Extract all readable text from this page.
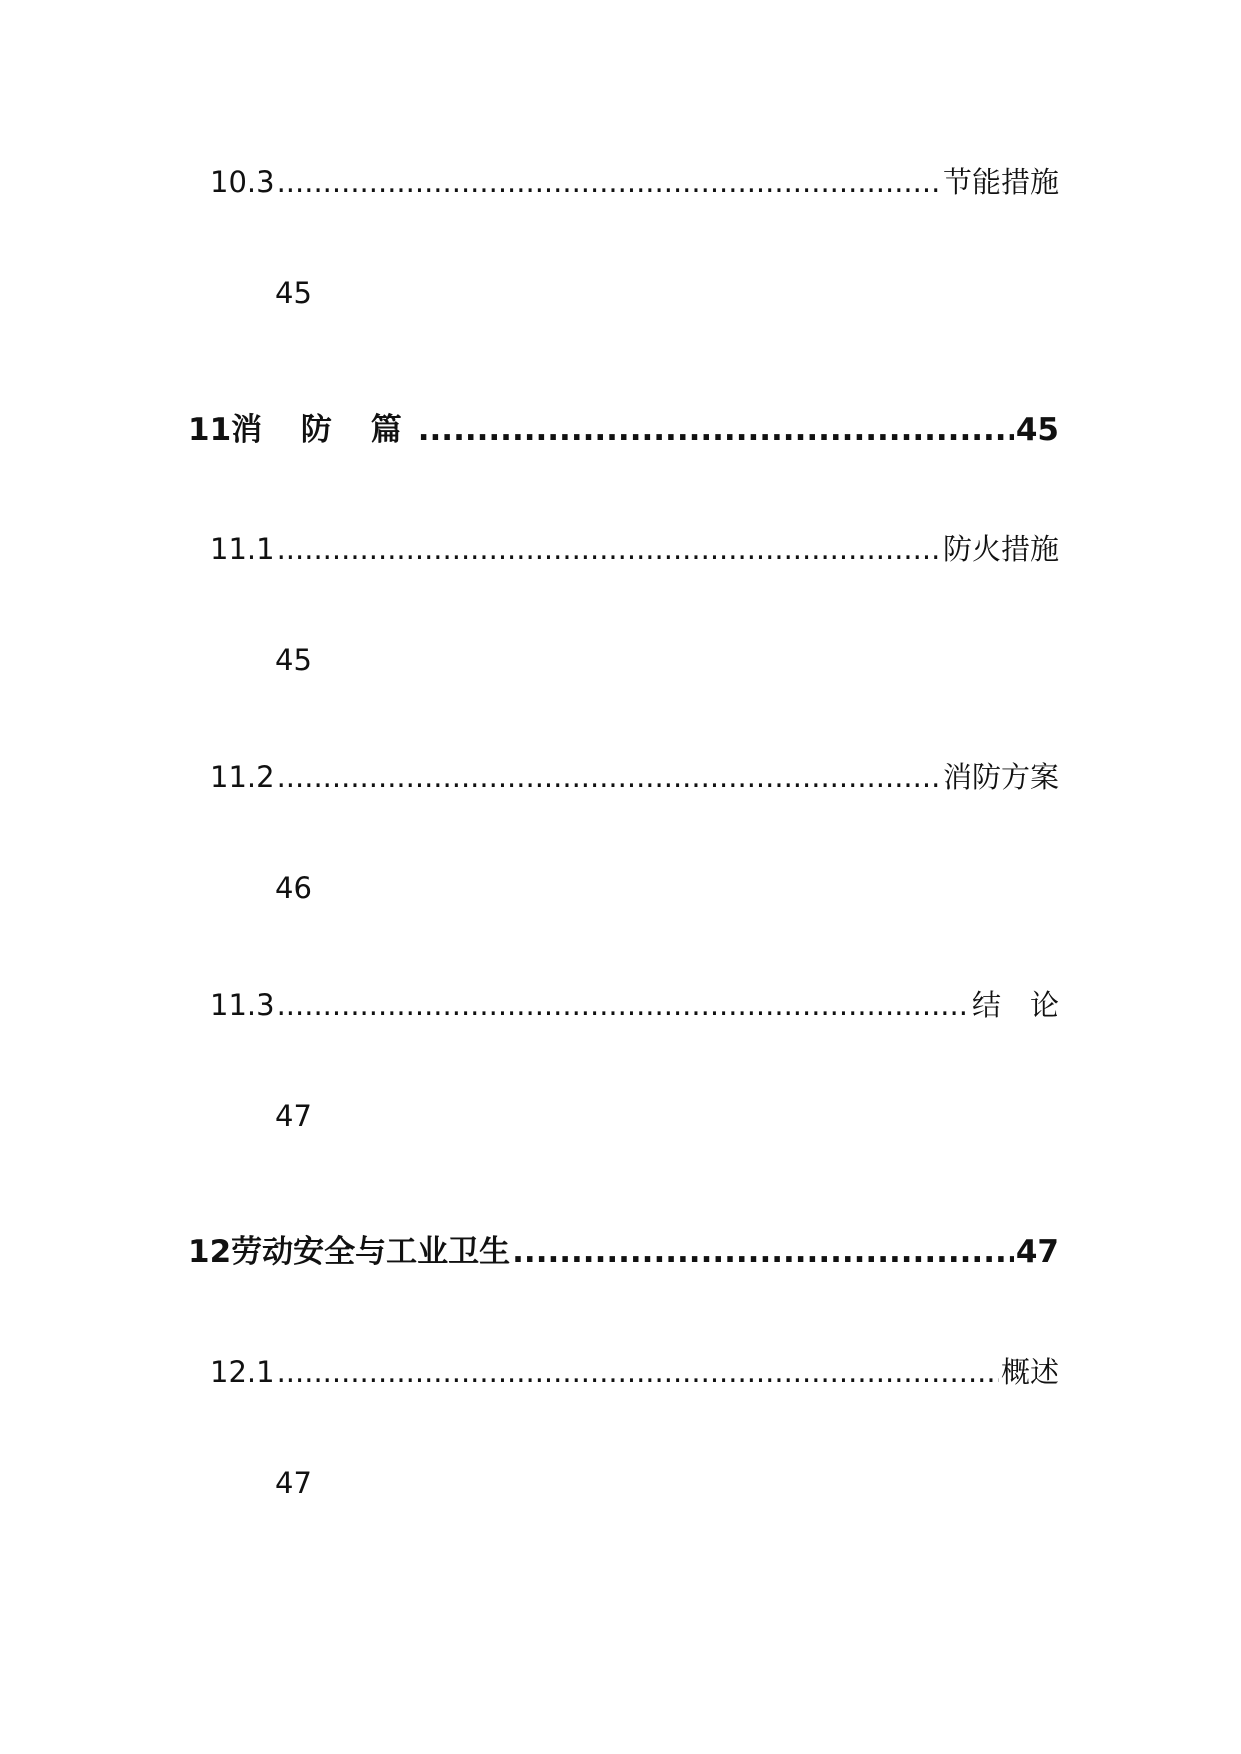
10.3 .....	节能措施
45
11 消 防 篇 .....	45
11.1 .....	防火措施
45
11.2 .....	消防方案
46
11.3 .....	结　论
47
12 劳动安全与工业卫生 .....	47
12.1 .....	概述
47
